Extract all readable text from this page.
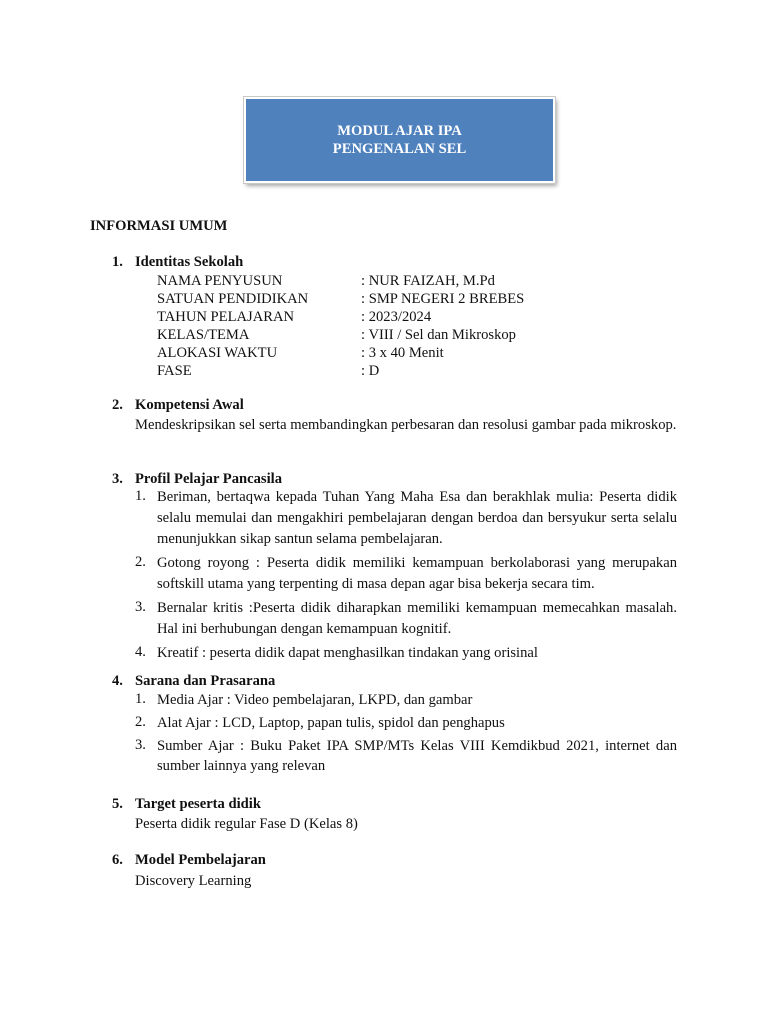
MODUL AJAR IPA
PENGENALAN SEL
INFORMASI UMUM
1. Identitas Sekolah
NAMA PENYUSUN	: NUR FAIZAH, M.Pd
SATUAN PENDIDIKAN	: SMP NEGERI 2 BREBES
TAHUN PELAJARAN	: 2023/2024
KELAS/TEMA	: VIII / Sel dan Mikroskop
ALOKASI WAKTU	: 3 x 40 Menit
FASE	: D
2. Kompetensi Awal
Mendeskripsikan sel serta membandingkan perbesaran dan resolusi gambar pada mikroskop.
3. Profil Pelajar Pancasila
1. Beriman, bertaqwa kepada Tuhan Yang Maha Esa dan berakhlak mulia: Peserta didik selalu memulai dan mengakhiri pembelajaran dengan berdoa dan bersyukur serta selalu menunjukkan sikap santun selama pembelajaran.
2. Gotong royong : Peserta didik memiliki kemampuan berkolaborasi yang merupakan softskill utama yang terpenting di masa depan agar bisa bekerja secara tim.
3. Bernalar kritis :Peserta didik diharapkan memiliki kemampuan memecahkan masalah. Hal ini berhubungan dengan kemampuan kognitif.
4. Kreatif : peserta didik dapat menghasilkan tindakan yang orisinal
4. Sarana dan Prasarana
1. Media Ajar : Video pembelajaran, LKPD, dan gambar
2. Alat Ajar : LCD, Laptop, papan tulis, spidol dan penghapus
3. Sumber Ajar : Buku Paket IPA SMP/MTs Kelas VIII Kemdikbud 2021, internet dan sumber lainnya yang relevan
5. Target peserta didik
Peserta didik regular Fase D (Kelas 8)
6. Model Pembelajaran
Discovery Learning
